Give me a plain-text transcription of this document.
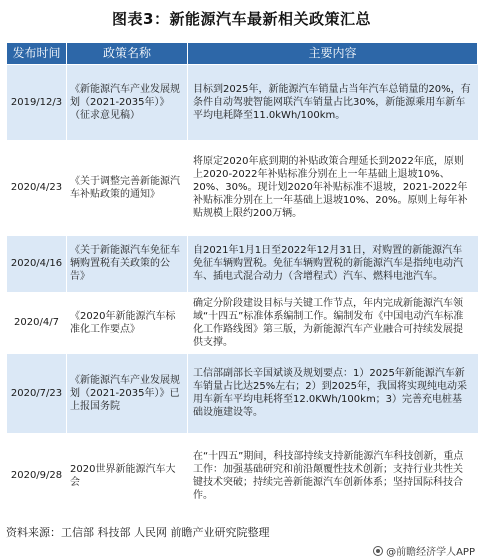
图表3：新能源汽车最新相关政策汇总
发布时间	政策名称	主要内容
2019/12/3	《新能源汽车产业发展规划（2021-2035年）》（征求意见稿）	目标到2025年，新能源汽车销量占当年汽车总销量的20%，有条件自动驾驶智能网联汽车销量占比30%，新能源乘用车新车平均电耗降至11.0kWh/100km。
2020/4/23	《关于调整完善新能源汽车补贴政策的通知》	将原定2020年底到期的补贴政策合理延长到2022年底，原则上2020-2022年补贴标准分别在上一年基础上退坡10%、20%、30%。现计划2020年补贴标准不退坡，2021-2022年补贴标准分别在上一年基础上退坡10%、20%。原则上每年补贴规模上限约200万辆。
2020/4/16	《关于新能源汽车免征车辆购置税有关政策的公告》	自2021年1月1日至2022年12月31日，对购置的新能源汽车免征车辆购置税。免征车辆购置税的新能源汽车是指纯电动汽车、插电式混合动力（含增程式）汽车、燃料电池汽车。
2020/4/7	《2020年新能源汽车标准化工作要点》	确定分阶段建设目标与关键工作节点，年内完成新能源汽车领域“十四五”标准体系编制工作。编制发布《中国电动汽车标准化工作路线图》第三版，为新能源汽车产业融合可持续发展提供支撑。
2020/7/23	《新能源汽车产业发展规划（2021-2035年）》已上报国务院	工信部副部长辛国斌谈及规划要点：1）2025年新能源汽车新车销量占比达25%左右；2）到2025年，我国将实现纯电动采用车新车平均电耗将至12.0KWh/100km；3）完善充电桩基础设施建设等。
2020/9/28	2020世界新能源汽车大会	在“十四五”期间，科技部持续支持新能源汽车科技创新，重点工作：加强基础研究和前沿颠覆性技术创新；支持行业共性关键技术突破；持续完善新能源汽车创新体系；坚持国际科技合作。
资料来源：工信部 科技部 人民网 前瞻产业研究院整理
@前瞻经济学人APP
